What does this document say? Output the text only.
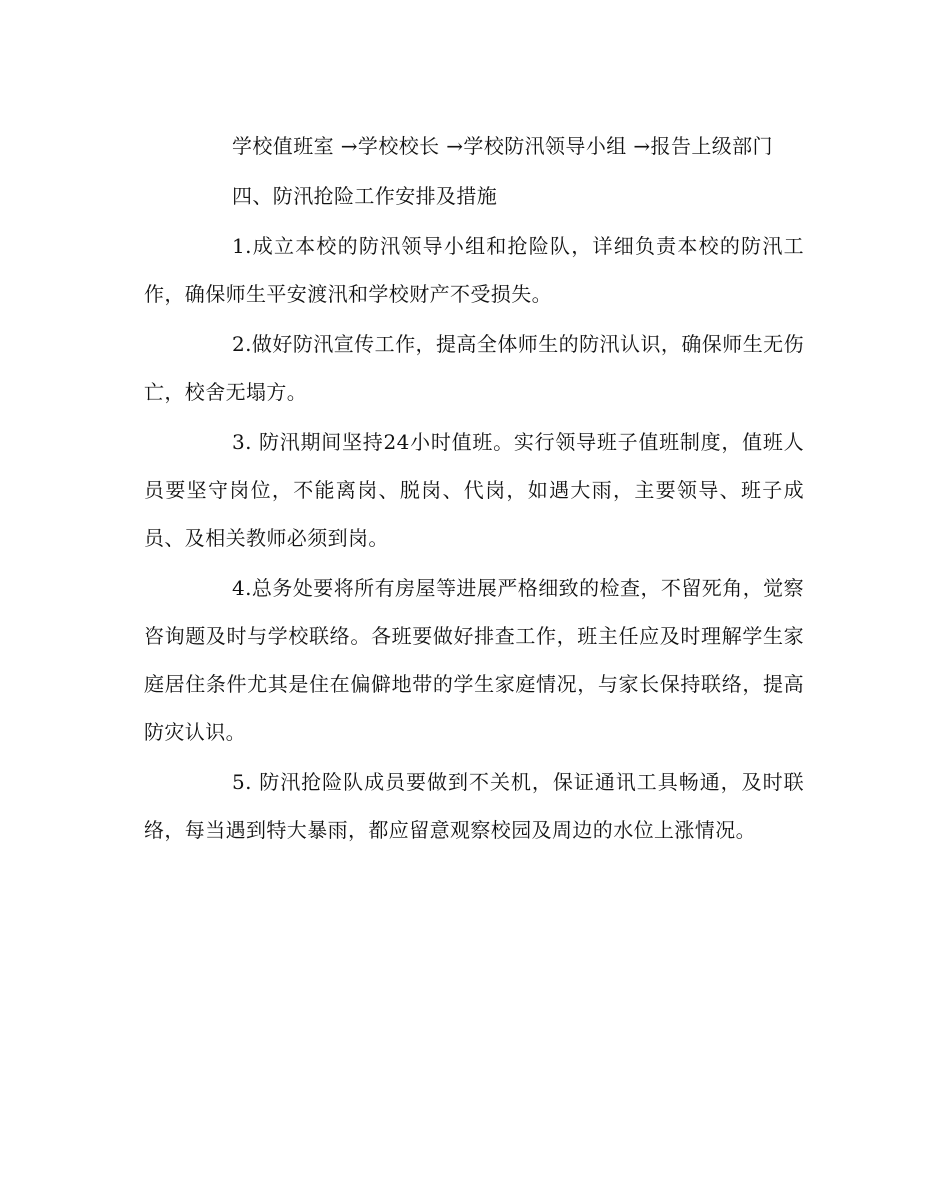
学校值班室 →学校校长 →学校防汛领导小组 →报告上级部门

四、防汛抢险工作安排及措施

1.成立本校的防汛领导小组和抢险队，详细负责本校的防汛工作，确保师生平安渡汛和学校财产不受损失。

2.做好防汛宣传工作，提高全体师生的防汛认识，确保师生无伤亡，校舍无塌方。

3. 防汛期间坚持24小时值班。实行领导班子值班制度，值班人员要坚守岗位，不能离岗、脱岗、代岗，如遇大雨，主要领导、班子成员、及相关教师必须到岗。

4.总务处要将所有房屋等进展严格细致的检查，不留死角，觉察咨询题及时与学校联络。各班要做好排查工作，班主任应及时理解学生家庭居住条件尤其是住在偏僻地带的学生家庭情况，与家长保持联络，提高防灾认识。

5. 防汛抢险队成员要做到不关机，保证通讯工具畅通，及时联络，每当遇到特大暴雨，都应留意观察校园及周边的水位上涨情况。
